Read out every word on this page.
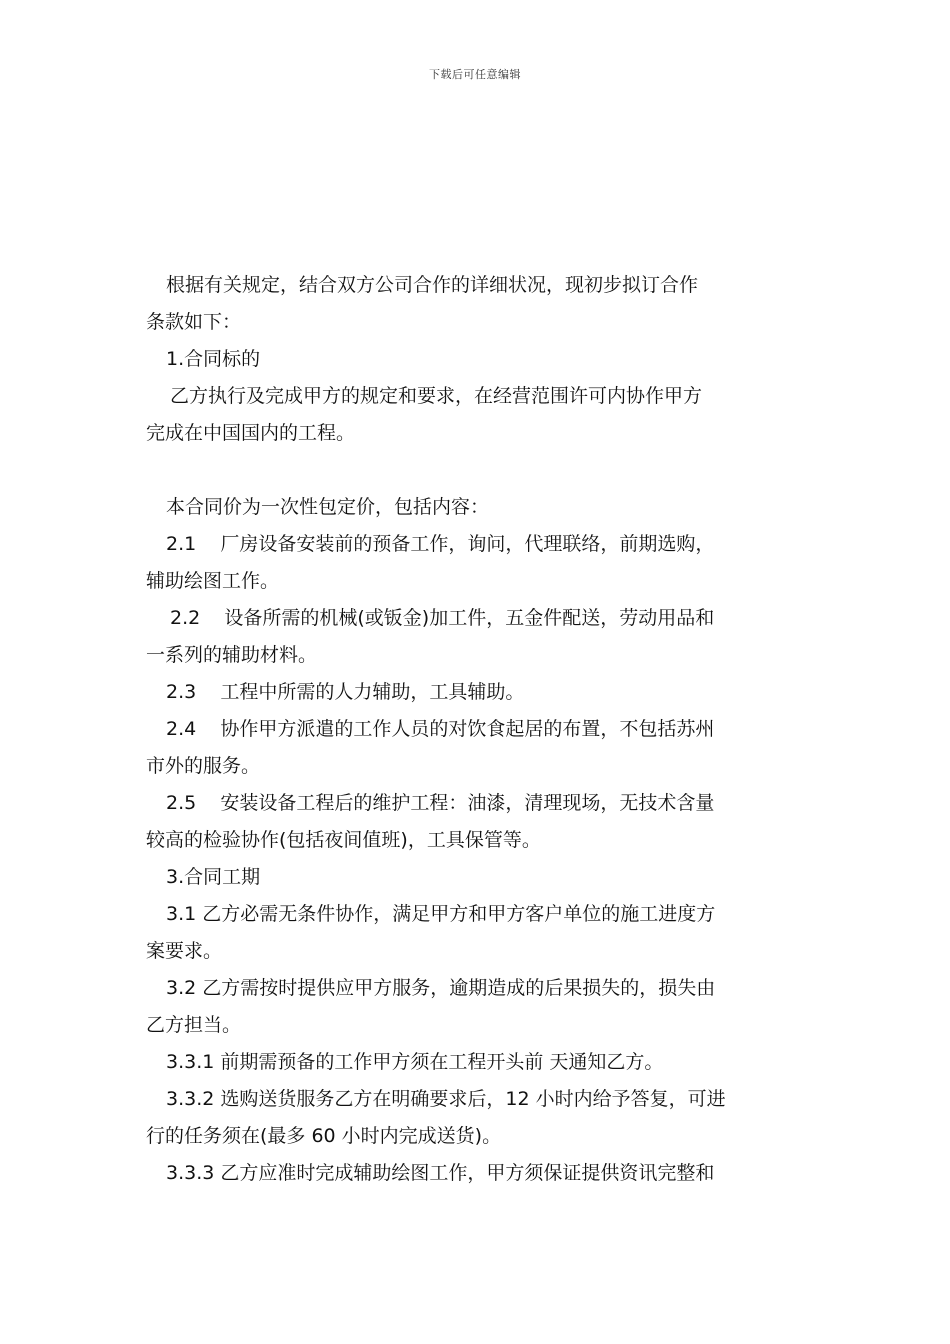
下载后可任意编辑

根据有关规定，结合双方公司合作的详细状况，现初步拟订合作
条款如下：
1.合同标的
乙方执行及完成甲方的规定和要求，在经营范围许可内协作甲方
完成在中国国内的工程。

本合同价为一次性包定价，包括内容：
2.1    厂房设备安装前的预备工作，询问，代理联络，前期选购，
辅助绘图工作。
2.2    设备所需的机械(或钣金)加工件，五金件配送，劳动用品和
一系列的辅助材料。
2.3    工程中所需的人力辅助，工具辅助。
2.4    协作甲方派遣的工作人员的对饮食起居的布置，不包括苏州
市外的服务。
2.5    安装设备工程后的维护工程：油漆，清理现场，无技术含量
较高的检验协作(包括夜间值班)，工具保管等。
3.合同工期
3.1 乙方必需无条件协作，满足甲方和甲方客户单位的施工进度方
案要求。
3.2 乙方需按时提供应甲方服务，逾期造成的后果损失的，损失由
乙方担当。
3.3.1 前期需预备的工作甲方须在工程开头前 天通知乙方。
3.3.2 选购送货服务乙方在明确要求后，12 小时内给予答复，可进
行的任务须在(最多 60 小时内完成送货)。
3.3.3 乙方应准时完成辅助绘图工作，甲方须保证提供资讯完整和
